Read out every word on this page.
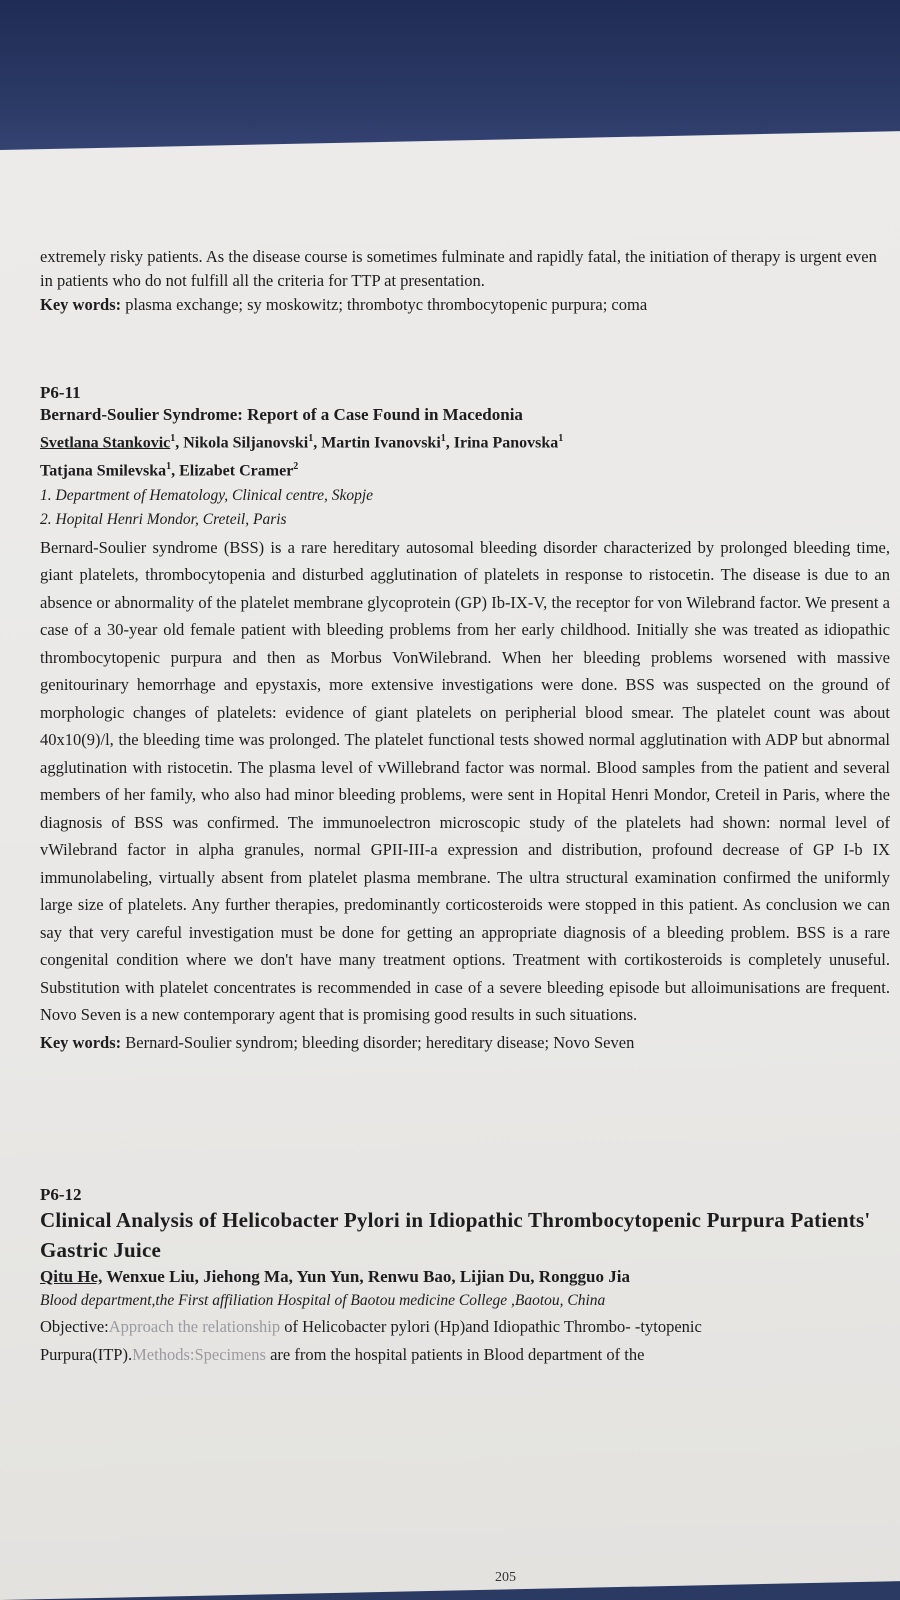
extremely risky patients. As the disease course is sometimes fulminate and rapidly fatal, the initiation of therapy is urgent even in patients who do not fulfill all the criteria for TTP at presentation.

Key words: plasma exchange; sy moskowitz; thrombotyc thrombocytopenic purpura; coma

P6-11

Bernard-Soulier Syndrome: Report of a Case Found in Macedonia

Svetlana Stankovic$^1$, Nikola Siljanovski$^1$, Martin Ivanovski$^1$, Irina Panovska$^1$
Tatjana Smilevska$^1$, Elizabet Cramer$^2$

1. Department of Hematology, Clinical centre, Skopje

2. Hopital Henri Mondor, Creteil, Paris

Bernard-Soulier syndrome (BSS) is a rare hereditary autosomal bleeding disorder characterized by prolonged bleeding time, giant platelets, thrombocytopenia and disturbed agglutination of platelets in response to ristocetin. The disease is due to an absence or abnormality of the platelet membrane glycoprotein (GP) Ib-IX-V, the receptor for von Wilebrand factor. We present a case of a 30-year old female patient with bleeding problems from her early childhood. Initially she was treated as idiopathic thrombocytopenic purpura and then as Morbus VonWilebrand. When her bleeding problems worsened with massive genitourinary hemorrhage and epystaxis, more extensive investigations were done. BSS was suspected on the ground of morphologic changes of platelets: evidence of giant platelets on peripherial blood smear. The platelet count was about 40x10(9)/l, the bleeding time was prolonged. The platelet functional tests showed normal agglutination with ADP but abnormal agglutination with ristocetin. The plasma level of vWillebrand factor was normal. Blood samples from the patient and several members of her family, who also had minor bleeding problems, were sent in Hopital Henri Mondor, Creteil in Paris, where the diagnosis of BSS was confirmed. The immunoelectron microscopic study of the platelets had shown: normal level of vWilebrand factor in alpha granules, normal GPII-III-a expression and distribution, profound decrease of GP I-b IX immunolabeling, virtually absent from platelet plasma membrane. The ultra structural examination confirmed the uniformly large size of platelets. Any further therapies, predominantly corticosteroids were stopped in this patient. As conclusion we can say that very careful investigation must be done for getting an appropriate diagnosis of a bleeding problem. BSS is a rare congenital condition where we don't have many treatment options. Treatment with cortikosteroids is completely unuseful. Substitution with platelet concentrates is recommended in case of a severe bleeding episode but alloimunisations are frequent. Novo Seven is a new contemporary agent that is promising good results in such situations.

Key words: Bernard-Soulier syndrom; bleeding disorder; hereditary disease; Novo Seven

P6-12

Clinical Analysis of Helicobacter Pylori in Idiopathic Thrombocytopenic Purpura Patients' Gastric Juice

Qitu He, Wenxue Liu, Jiehong Ma, Yun Yun, Renwu Bao, Lijian Du, Rongguo Jia

Blood department,the First affiliation Hospital of Baotou medicine College ,Baotou, China

Objective:Approach the relationship of Helicobacter pylori (Hp)and Idiopathic Thrombo- -tytopenic Purpura(ITP).Methods:Specimens are from the hospital patients in Blood department of the

205
